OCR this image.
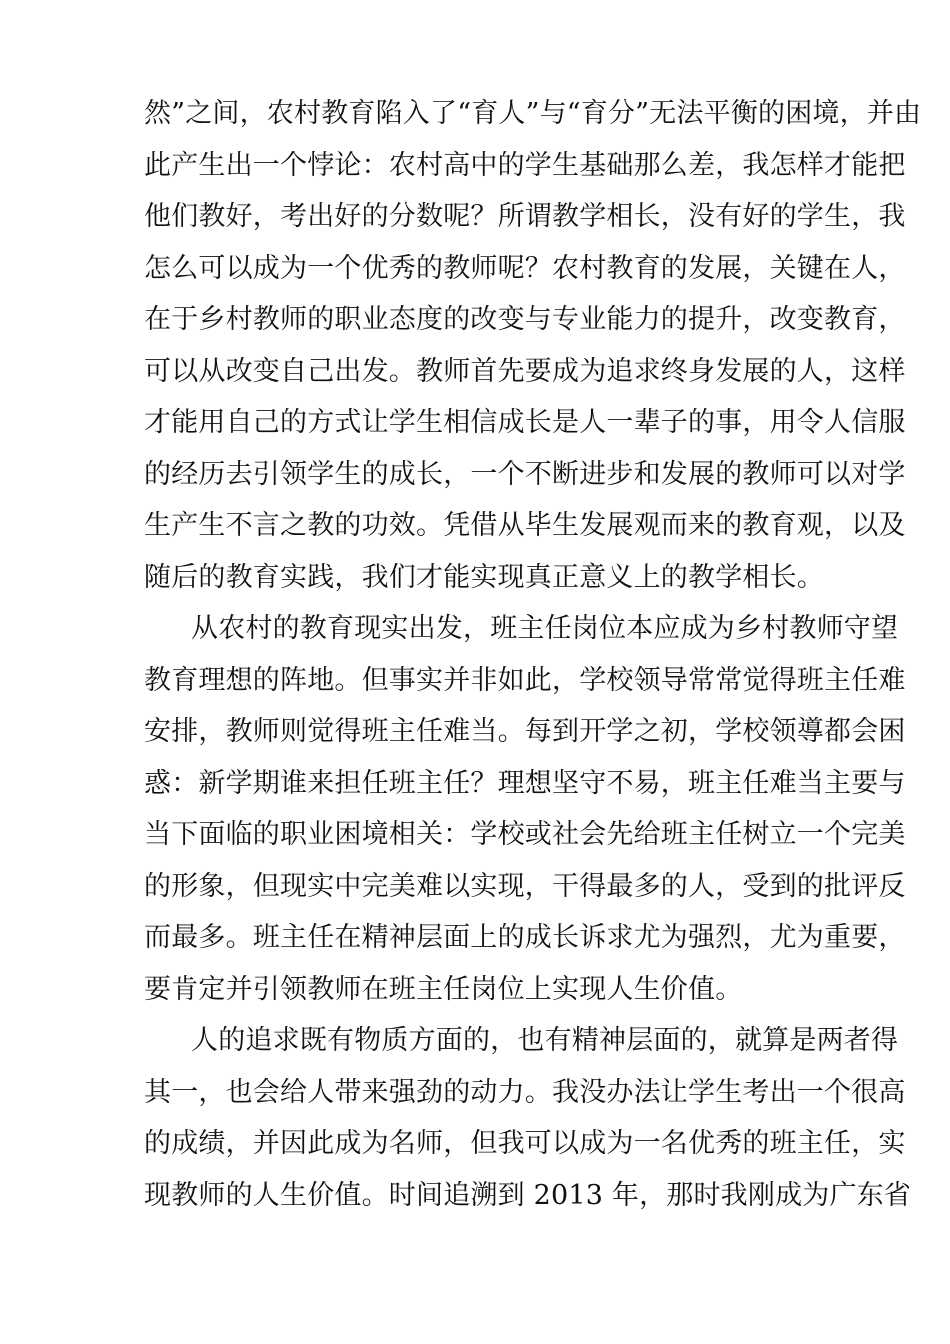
然”之间，农村教育陷入了“育人”与“育分”无法平衡的困境，并由
此产生出一个悖论：农村高中的学生基础那么差，我怎样才能把
他们教好，考出好的分数呢？所谓教学相长，没有好的学生，我
怎么可以成为一个优秀的教师呢？农村教育的发展，关键在人，
在于乡村教师的职业态度的改变与专业能力的提升，改变教育，
可以从改变自己出发。教师首先要成为追求终身发展的人，这样
才能用自己的方式让学生相信成长是人一辈子的事，用令人信服
的经历去引领学生的成长，一个不断进步和发展的教师可以对学
生产生不言之教的功效。凭借从毕生发展观而来的教育观，以及
随后的教育实践，我们才能实现真正意义上的教学相长。
从农村的教育现实出发，班主任岗位本应成为乡村教师守望
教育理想的阵地。但事实并非如此，学校领导常常觉得班主任难
安排，教师则觉得班主任难当。每到开学之初，学校领導都会困
惑：新学期谁来担任班主任？理想坚守不易，班主任难当主要与
当下面临的职业困境相关：学校或社会先给班主任树立一个完美
的形象，但现实中完美难以实现，干得最多的人，受到的批评反
而最多。班主任在精神层面上的成长诉求尤为强烈，尤为重要，
要肯定并引领教师在班主任岗位上实现人生价值。
人的追求既有物质方面的，也有精神层面的，就算是两者得
其一，也会给人带来强劲的动力。我没办法让学生考出一个很高
的成绩，并因此成为名师，但我可以成为一名优秀的班主任，实
现教师的人生价值。时间追溯到 2013 年，那时我刚成为广东省
